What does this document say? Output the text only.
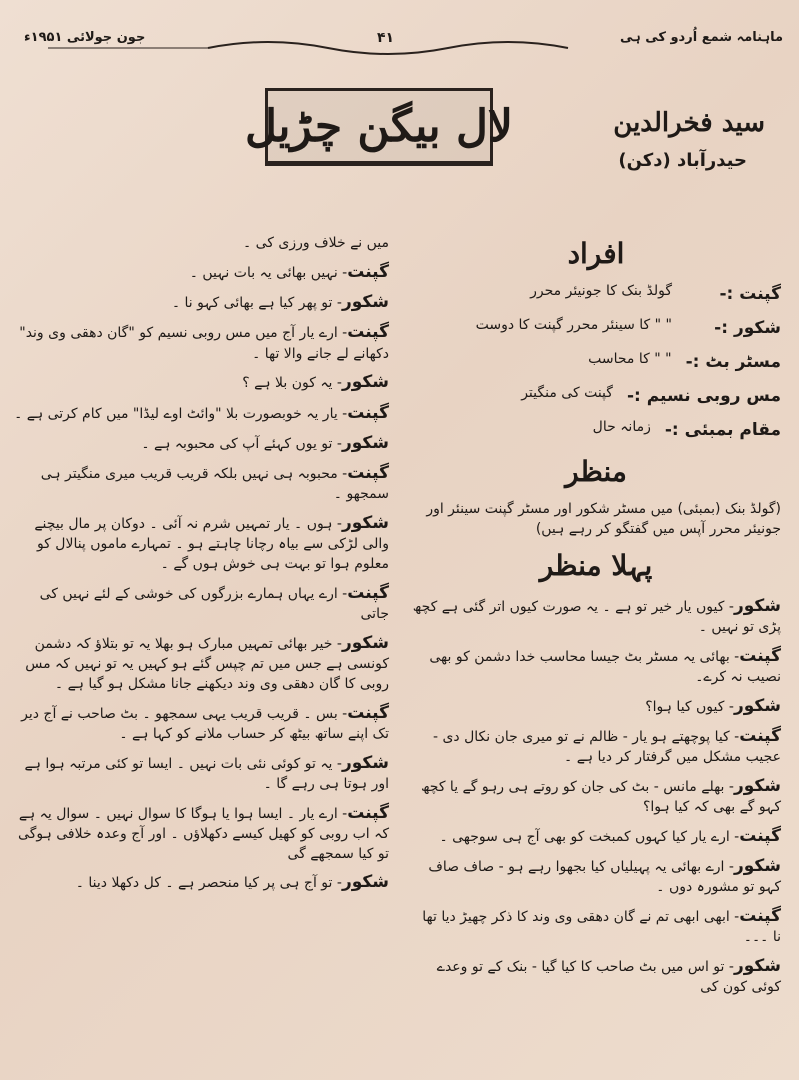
جون جولائی ۱۹۵۱ء	۴۱	ماہنامہ شمع اُردو کی ہی
لال بیگن چڑیل	سید فخرالدین
حیدرآباد (دکن)
افراد
گپنت :-
گولڈ بنک کا جونیئر محرر
شکور :-
" " کا سینئر محرر گپنت کا دوست
مسٹر بٹ :-
" " کا محاسب
مس روبی نسیم :-
گپنت کی منگیتر
مقام بمبئی :-
زمانہ حال
منظر
(گولڈ بنک (بمبئی) میں مسٹر شکور اور مسٹر گپنت سینئر اور جونیئر محرر آپس میں گفتگو کر رہے ہیں)
پہلا منظر
شکور- کیوں یار خیر تو ہے ۔ یہ صورت کیوں اتر گئی ہے کچھ پڑی تو نہیں ۔
گپنت- بھائی یہ مسٹر بٹ جیسا محاسب خدا دشمن کو بھی نصیب نہ کرے۔
شکور- کیوں کیا ہوا؟
گپنت- کیا پوچھتے ہو یار - ظالم نے تو میری جان نکال دی - عجیب مشکل میں گرفتار کر دیا ہے ۔
شکور- بھلے مانس - بٹ کی جان کو روتے ہی رہو گے یا کچھ کہو گے بھی کہ کیا ہوا؟
گپنت- ارے یار کیا کہوں کمبخت کو بھی آج ہی سوجھی ۔
شکور- ارے بھائی یہ پہیلیاں کیا بجھوا رہے ہو - صاف صاف کہو تو مشورہ دوں ۔
گپنت- ابھی ابھی تم نے گان دھقی وی وند کا ذکر چھیڑ دیا تھا نا ۔۔۔
شکور- تو اس میں بٹ صاحب کا کیا گیا - بنک کے تو وعدے کوئی کون کی
میں نے خلاف ورزی کی ۔
گپنت- نہیں بھائی یہ بات نہیں ۔
شکور- تو پھر کیا ہے بھائی کہو نا ۔
گپنت- ارے یار آج میں مس روبی نسیم کو "گان دھقی وی وند" دکھانے لے جانے والا تھا ۔
شکور- یہ کون بلا ہے ؟
گپنت- یار یہ خوبصورت بلا "وائٹ اوے لیڈا" میں کام کرتی ہے ۔
شکور- تو یوں کہئے آپ کی محبوبہ ہے ۔
گپنت- محبوبہ ہی نہیں بلکہ قریب قریب میری منگیتر ہی سمجھو ۔
شکور- ہوں ۔ یار تمہیں شرم نہ آئی ۔ دوکان پر مال بیچنے والی لڑکی سے بیاہ رچانا چاہتے ہو ۔ تمہارے ماموں پنالال کو معلوم ہوا تو بہت ہی خوش ہوں گے ۔
گپنت- ارے یہاں ہمارے بزرگوں کی خوشی کے لئے نہیں کی جاتی
شکور- خیر بھائی تمہیں مبارک ہو بھلا یہ تو بتلاؤ کہ دشمن کونسی ہے جس میں تم چپس گئے ہو کہیں یہ تو نہیں کہ مس روبی کا گان دھقی وی وند دیکھنے جانا مشکل ہو گیا ہے ۔
گپنت- بس ۔ قریب قریب یہی سمجھو ۔ بٹ صاحب نے آج دیر تک اپنے ساتھ بیٹھ کر حساب ملانے کو کہا ہے ۔
شکور- یہ تو کوئی نئی بات نہیں ۔ ایسا تو کئی مرتبہ ہوا ہے اور ہوتا ہی رہے گا ۔
گپنت- ارے یار ۔ ایسا ہوا یا ہوگا کا سوال نہیں ۔ سوال یہ ہے کہ اب روبی کو کھیل کیسے دکھلاؤں ۔ اور آج وعدہ خلافی ہوگی تو کیا سمجھے گی
شکور- تو آج ہی پر کیا منحصر ہے ۔ کل دکھلا دینا ۔
